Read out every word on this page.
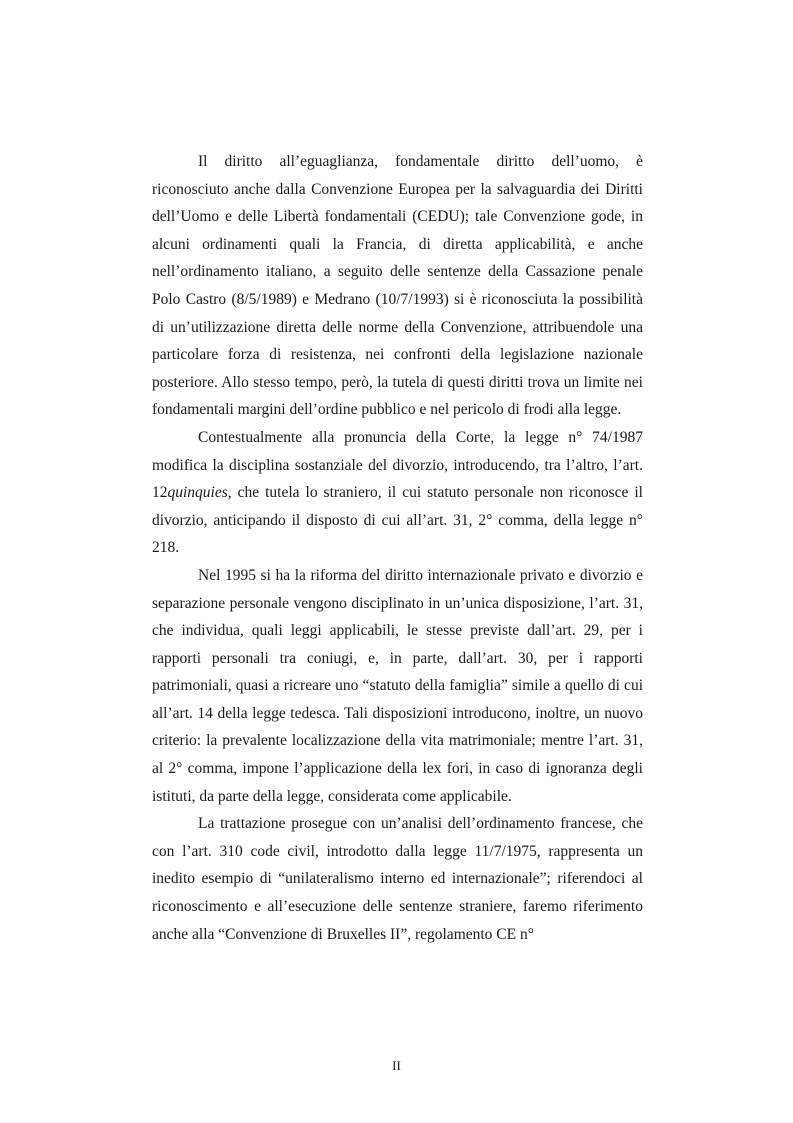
Il diritto all’eguaglianza, fondamentale diritto dell’uomo, è riconosciuto anche dalla Convenzione Europea per la salvaguardia dei Diritti dell’Uomo e delle Libertà fondamentali (CEDU); tale Convenzione gode, in alcuni ordinamenti quali la Francia, di diretta applicabilità, e anche nell’ordinamento italiano, a seguito delle sentenze della Cassazione penale Polo Castro (8/5/1989) e Medrano (10/7/1993) si è riconosciuta la possibilità di un’utilizzazione diretta delle norme della Convenzione, attribuendole una particolare forza di resistenza, nei confronti della legislazione nazionale posteriore. Allo stesso tempo, però, la tutela di questi diritti trova un limite nei fondamentali margini dell’ordine pubblico e nel pericolo di frodi alla legge.

Contestualmente alla pronuncia della Corte, la legge n° 74/1987 modifica la disciplina sostanziale del divorzio, introducendo, tra l’altro, l’art. 12quinquies, che tutela lo straniero, il cui statuto personale non riconosce il divorzio, anticipando il disposto di cui all’art. 31, 2° comma, della legge n° 218.

Nel 1995 si ha la riforma del diritto internazionale privato e divorzio e separazione personale vengono disciplinato in un’unica disposizione, l’art. 31, che individua, quali leggi applicabili, le stesse previste dall’art. 29, per i rapporti personali tra coniugi, e, in parte, dall’art. 30, per i rapporti patrimoniali, quasi a ricreare uno “statuto della famiglia” simile a quello di cui all’art. 14 della legge tedesca. Tali disposizioni introducono, inoltre, un nuovo criterio: la prevalente localizzazione della vita matrimoniale; mentre l’art. 31, al 2° comma, impone l’applicazione della lex fori, in caso di ignoranza degli istituti, da parte della legge, considerata come applicabile.

La trattazione prosegue con un’analisi dell’ordinamento francese, che con l’art. 310 code civil, introdotto dalla legge 11/7/1975, rappresenta un inedito esempio di “unilateralismo interno ed internazionale”; riferendoci al riconoscimento e all’esecuzione delle sentenze straniere, faremo riferimento anche alla “Convenzione di Bruxelles II”, regolamento CE n°

II
